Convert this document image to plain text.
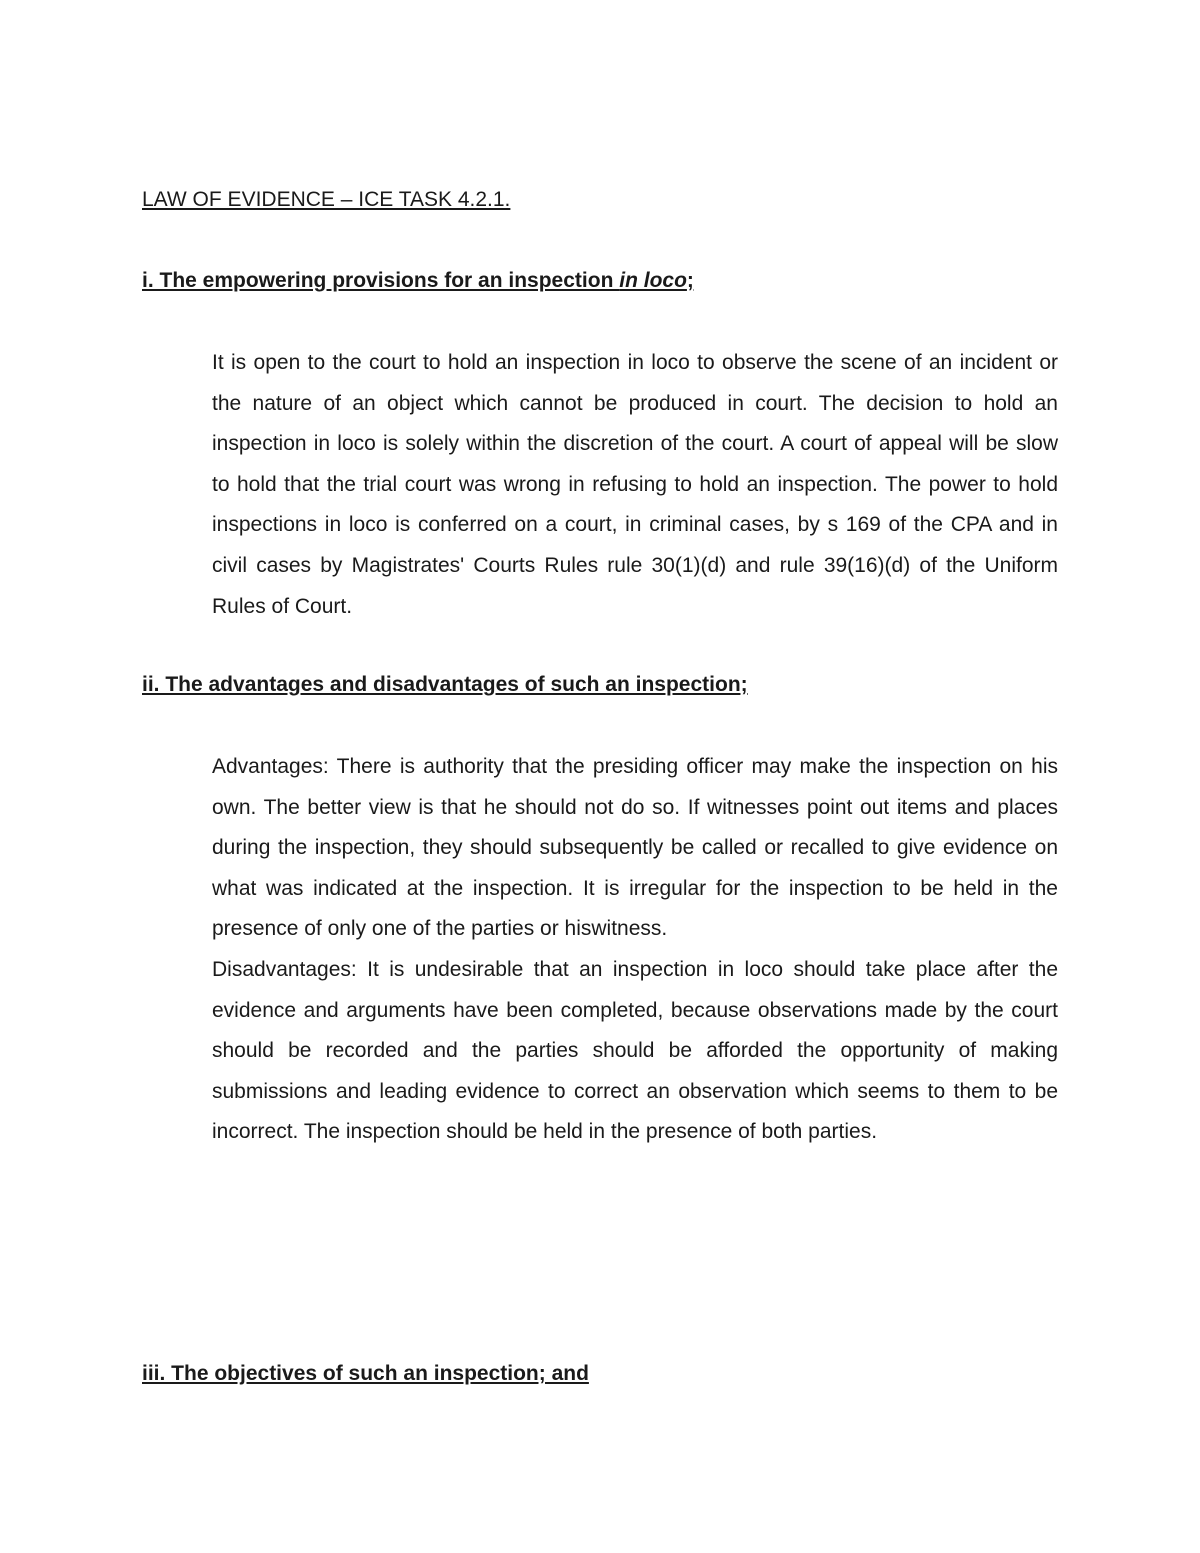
LAW OF EVIDENCE – ICE TASK 4.2.1.
i. The empowering provisions for an inspection in loco;

It is open to the court to hold an inspection in loco to observe the scene of an incident or the nature of an object which cannot be produced in court. The decision to hold an inspection in loco is solely within the discretion of the court. A court of appeal will be slow to hold that the trial court was wrong in refusing to hold an inspection. The power to hold inspections in loco is conferred on a court, in criminal cases, by s 169 of the CPA and in civil cases by Magistrates' Courts Rules rule 30(1)(d) and rule 39(16)(d) of the Uniform Rules of Court.

ii. The advantages and disadvantages of such an inspection;

Advantages: There is authority that the presiding officer may make the inspection on his own. The better view is that he should not do so. If witnesses point out items and places during the inspection, they should subsequently be called or recalled to give evidence on what was indicated at the inspection. It is irregular for the inspection to be held in the presence of only one of the parties or hiswitness.

Disadvantages: It is undesirable that an inspection in loco should take place after the evidence and arguments have been completed, because observations made by the court should be recorded and the parties should be afforded the opportunity of making submissions and leading evidence to correct an observation which seems to them to be incorrect. The inspection should be held in the presence of both parties.

iii. The objectives of such an inspection; and
